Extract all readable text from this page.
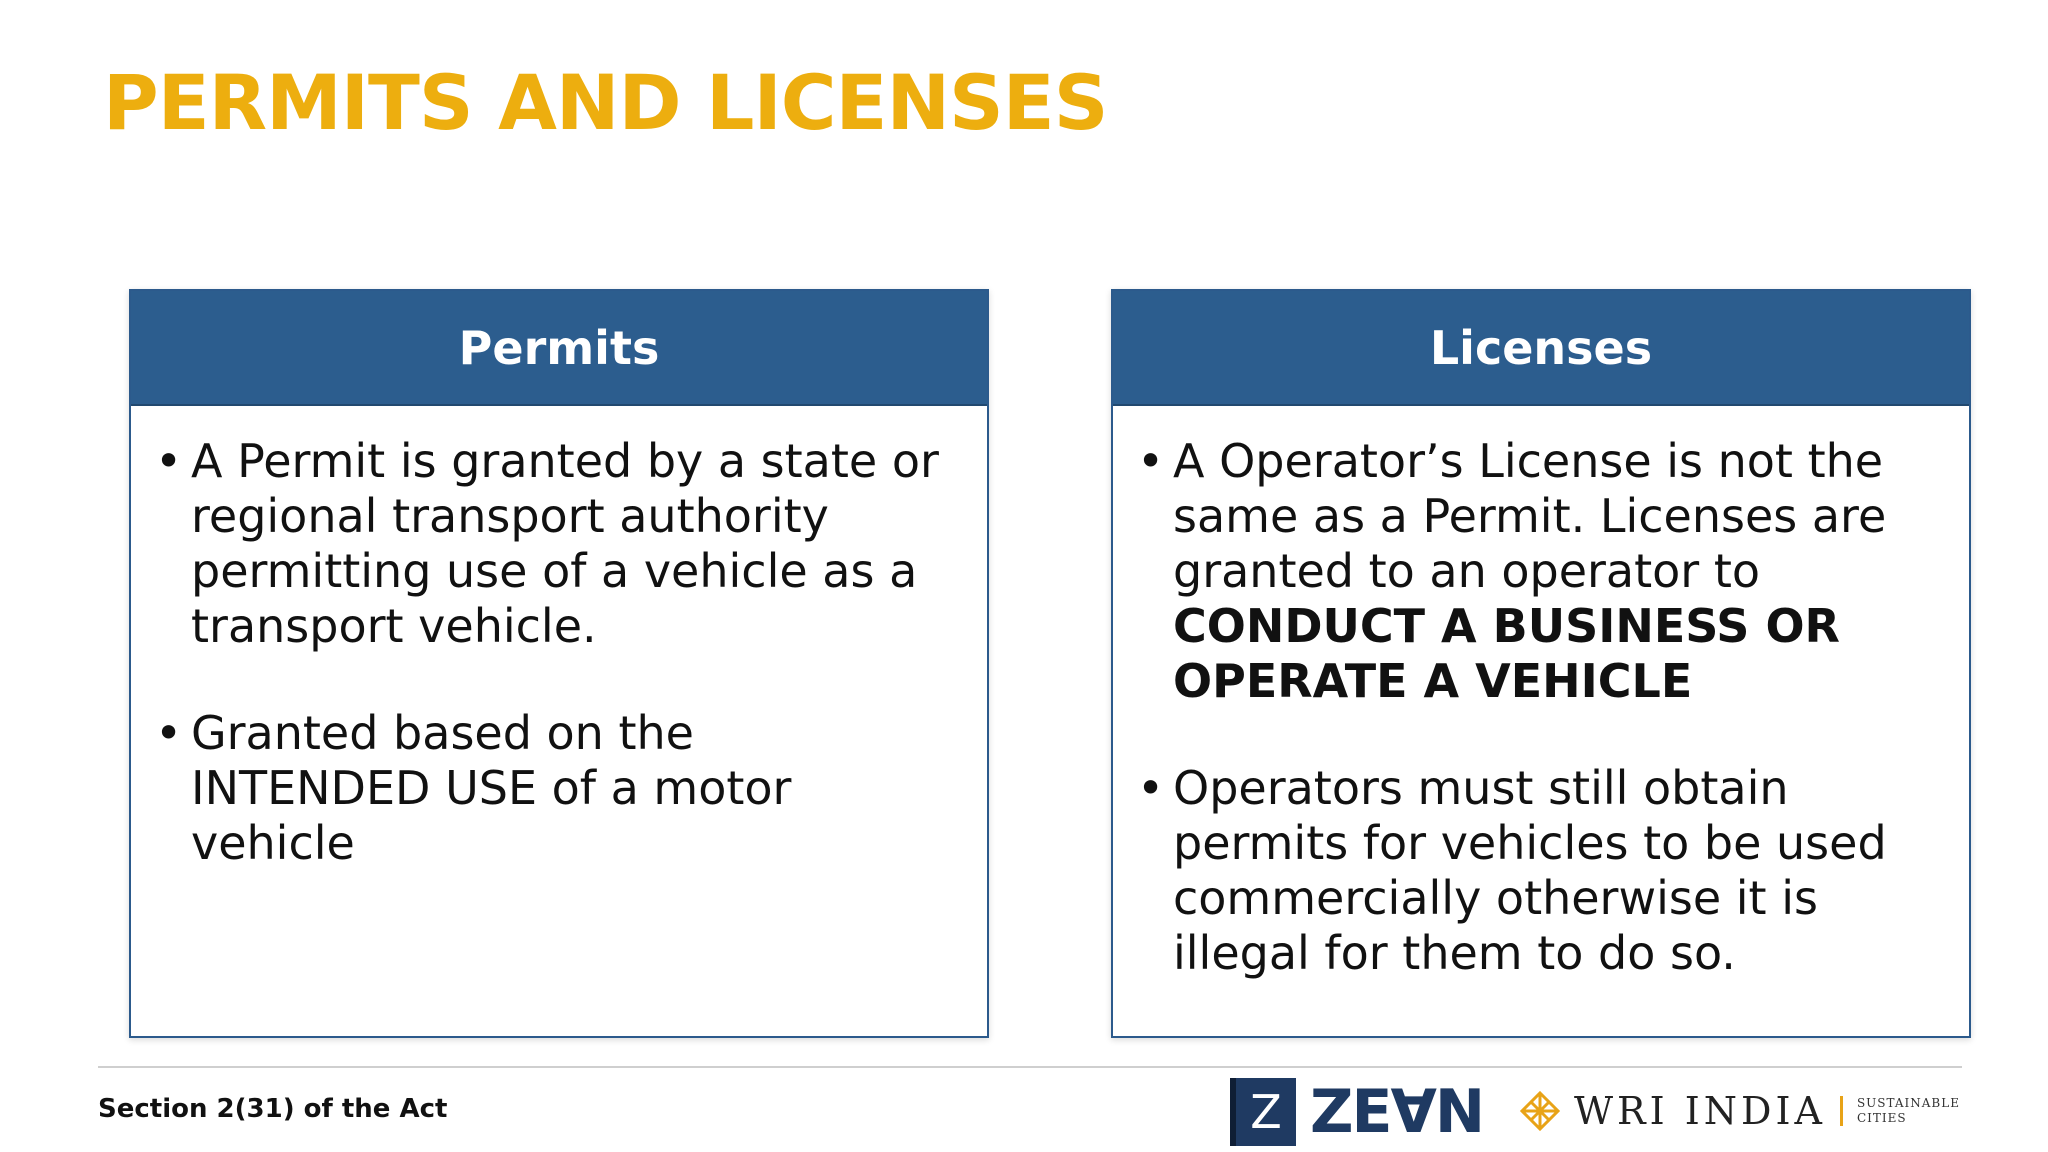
PERMITS AND LICENSES
Permits
• A Permit is granted by a state or regional transport authority permitting use of a vehicle as a transport vehicle.
• Granted based on the INTENDED USE of a motor vehicle
Licenses
• A Operator’s License is not the same as a Permit. Licenses are granted to an operator to CONDUCT A BUSINESS OR OPERATE A VEHICLE
• Operators must still obtain permits for vehicles to be used commercially otherwise it is illegal for them to do so.
Section 2(31) of the Act	Z ZEⱯN WRI INDIA	SUSTAINABLE
CITIES
